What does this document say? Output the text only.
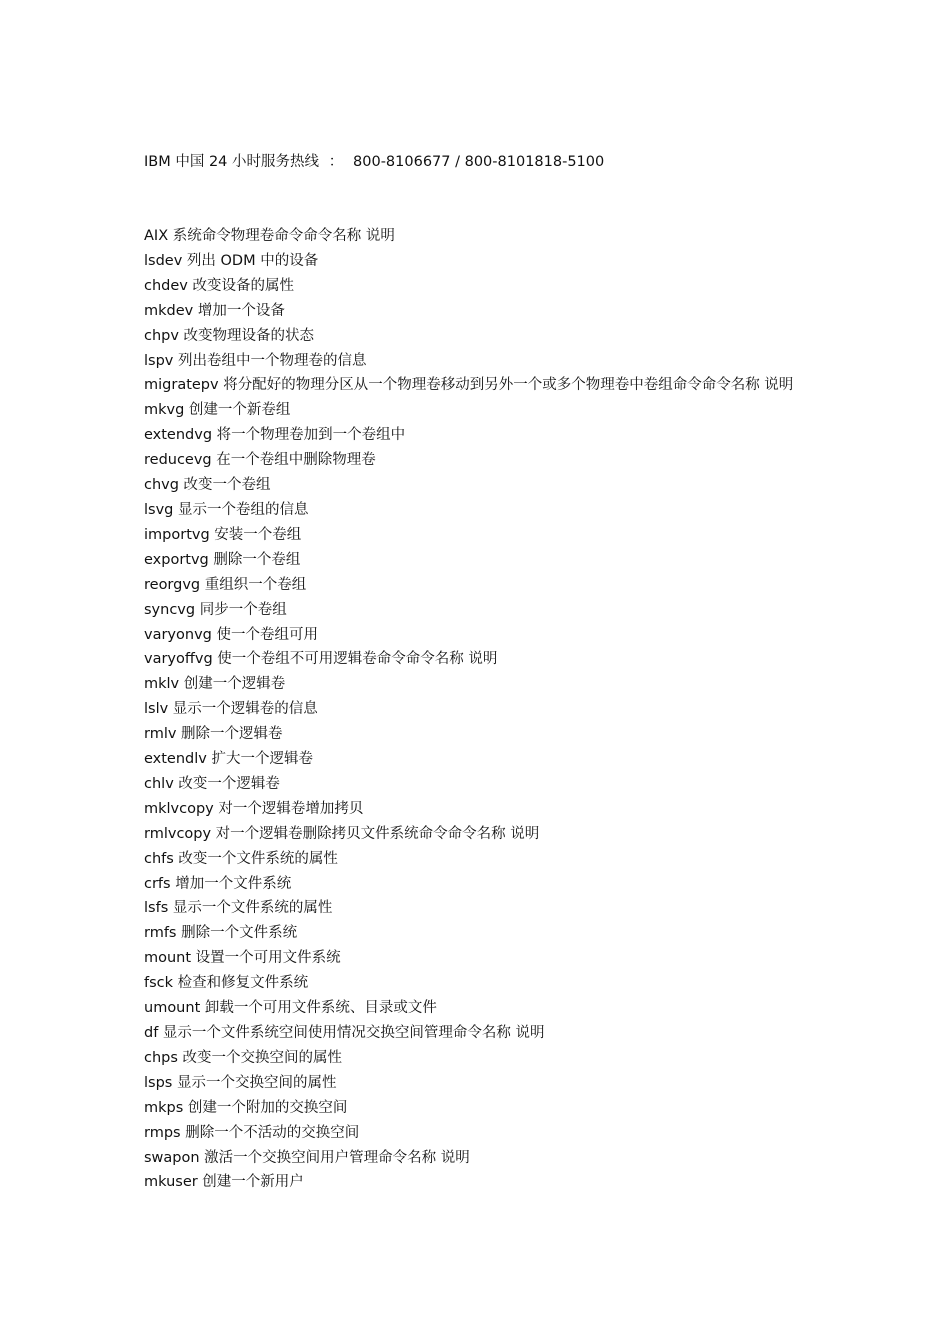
IBM 中国 24 小时服务热线 ： 800-8106677 / 800-8101818-5100
AIX 系统命令物理卷命令命令名称 说明
lsdev 列出 ODM 中的设备
chdev 改变设备的属性
mkdev 增加一个设备
chpv 改变物理设备的状态
lspv 列出卷组中一个物理卷的信息
migratepv 将分配好的物理分区从一个物理卷移动到另外一个或多个物理卷中卷组命令命令名称 说明
mkvg 创建一个新卷组
extendvg 将一个物理卷加到一个卷组中
reducevg 在一个卷组中删除物理卷
chvg 改变一个卷组
lsvg 显示一个卷组的信息
importvg 安装一个卷组
exportvg 删除一个卷组
reorgvg 重组织一个卷组
syncvg 同步一个卷组
varyonvg 使一个卷组可用
varyoffvg 使一个卷组不可用逻辑卷命令命令名称 说明
mklv 创建一个逻辑卷
lslv 显示一个逻辑卷的信息
rmlv 删除一个逻辑卷
extendlv 扩大一个逻辑卷
chlv 改变一个逻辑卷
mklvcopy 对一个逻辑卷增加拷贝
rmlvcopy 对一个逻辑卷删除拷贝文件系统命令命令名称 说明
chfs 改变一个文件系统的属性
crfs 增加一个文件系统
lsfs 显示一个文件系统的属性
rmfs 删除一个文件系统
mount 设置一个可用文件系统
fsck 检查和修复文件系统
umount 卸载一个可用文件系统、目录或文件
df 显示一个文件系统空间使用情况交换空间管理命令名称 说明
chps 改变一个交换空间的属性
lsps 显示一个交换空间的属性
mkps 创建一个附加的交换空间
rmps 删除一个不活动的交换空间
swapon 激活一个交换空间用户管理命令名称 说明
mkuser 创建一个新用户
